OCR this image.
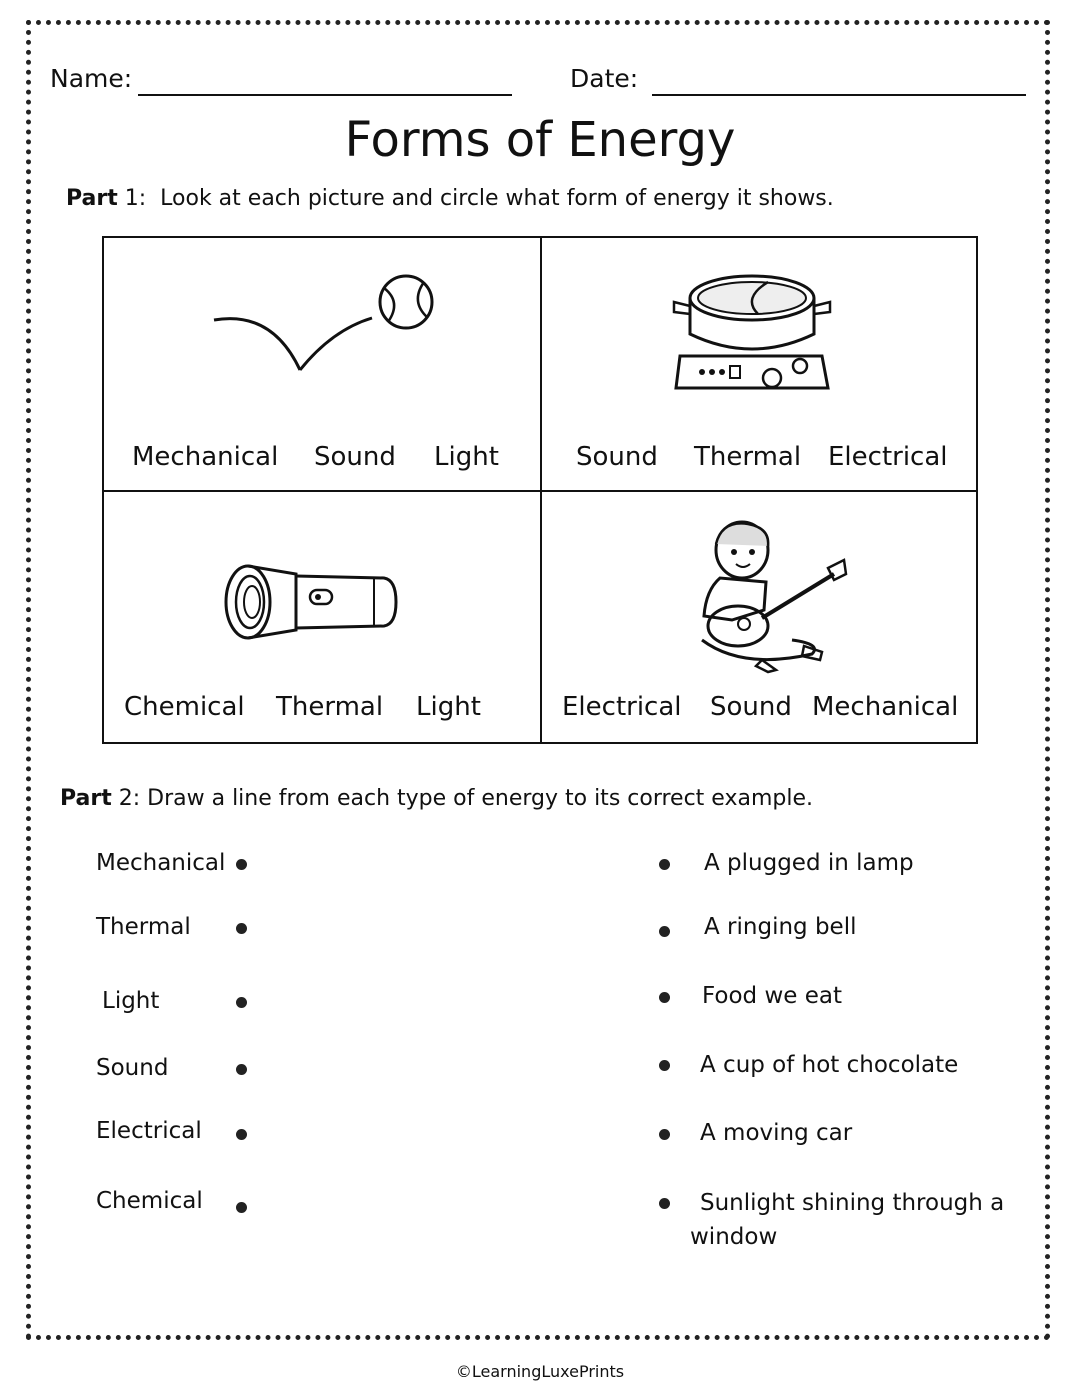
Name:	Date:
Forms of Energy
Part 1: Look at each picture and circle what form of energy it shows.
Mechanical Sound Light	Sound Thermal Electrical
Chemical Thermal Light	Electrical Sound Mechanical
Part 2: Draw a line from each type of energy to its correct example.
Mechanical
Thermal
Light
Sound
Electrical
Chemical
A plugged in lamp
A ringing bell
Food we eat
A cup of hot chocolate
A moving car
Sunlight shining through a
window
©LearningLuxePrints
